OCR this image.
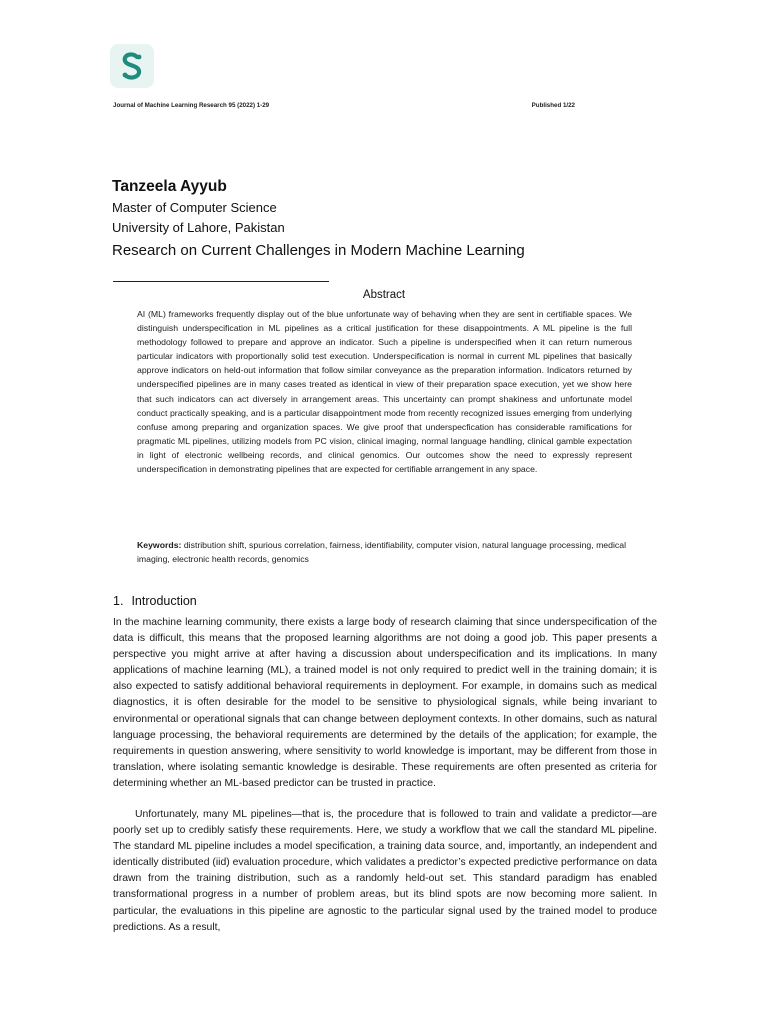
Journal of Machine Learning Research 95 (2022) 1-29	Published 1/22
Tanzeela Ayyub
Master of Computer Science
University of Lahore, Pakistan
Research on Current Challenges in Modern Machine Learning
Abstract
AI (ML) frameworks frequently display out of the blue unfortunate way of behaving when they are sent in certifiable spaces. We distinguish underspecification in ML pipelines as a critical justification for these disappointments. A ML pipeline is the full methodology followed to prepare and approve an indicator. Such a pipeline is underspecified when it can return numerous particular indicators with proportionally solid test execution. Underspecification is normal in current ML pipelines that basically approve indicators on held-out information that follow similar conveyance as the preparation information. Indicators returned by underspecified pipelines are in many cases treated as identical in view of their preparation space execution, yet we show here that such indicators can act diversely in arrangement areas. This uncertainty can prompt shakiness and unfortunate model conduct practically speaking, and is a particular disappointment mode from recently recognized issues emerging from underlying confuse among preparing and organization spaces. We give proof that underspecfication has considerable ramifications for pragmatic ML pipelines, utilizing models from PC vision, clinical imaging, normal language handling, clinical gamble expectation in light of electronic wellbeing records, and clinical genomics. Our outcomes show the need to expressly represent underspecification in demonstrating pipelines that are expected for certifiable arrangement in any space.
Keywords: distribution shift, spurious correlation, fairness, identifiability, computer vision, natural language processing, medical imaging, electronic health records, genomics
1. Introduction
In the machine learning community, there exists a large body of research claiming that since underspecification of the data is difficult, this means that the proposed learning algorithms are not doing a good job. This paper presents a perspective you might arrive at after having a discussion about underspecification and its implications. In many applications of machine learning (ML), a trained model is not only required to predict well in the training domain; it is also expected to satisfy additional behavioral requirements in deployment. For example, in domains such as medical diagnostics, it is often desirable for the model to be sensitive to physiological signals, while being invariant to environmental or operational signals that can change between deployment contexts. In other domains, such as natural language processing, the behavioral requirements are determined by the details of the application; for example, the requirements in question answering, where sensitivity to world knowledge is important, may be different from those in translation, where isolating semantic knowledge is desirable. These requirements are often presented as criteria for determining whether an ML-based predictor can be trusted in practice.
Unfortunately, many ML pipelines—that is, the procedure that is followed to train and validate a predictor—are poorly set up to credibly satisfy these requirements. Here, we study a workflow that we call the standard ML pipeline. The standard ML pipeline includes a model specification, a training data source, and, importantly, an independent and identically distributed (iid) evaluation procedure, which validates a predictor’s expected predictive performance on data drawn from the training distribution, such as a randomly held-out set. This standard paradigm has enabled transformational progress in a number of problem areas, but its blind spots are now becoming more salient. In particular, the evaluations in this pipeline are agnostic to the particular signal used by the trained model to produce predictions. As a result,
